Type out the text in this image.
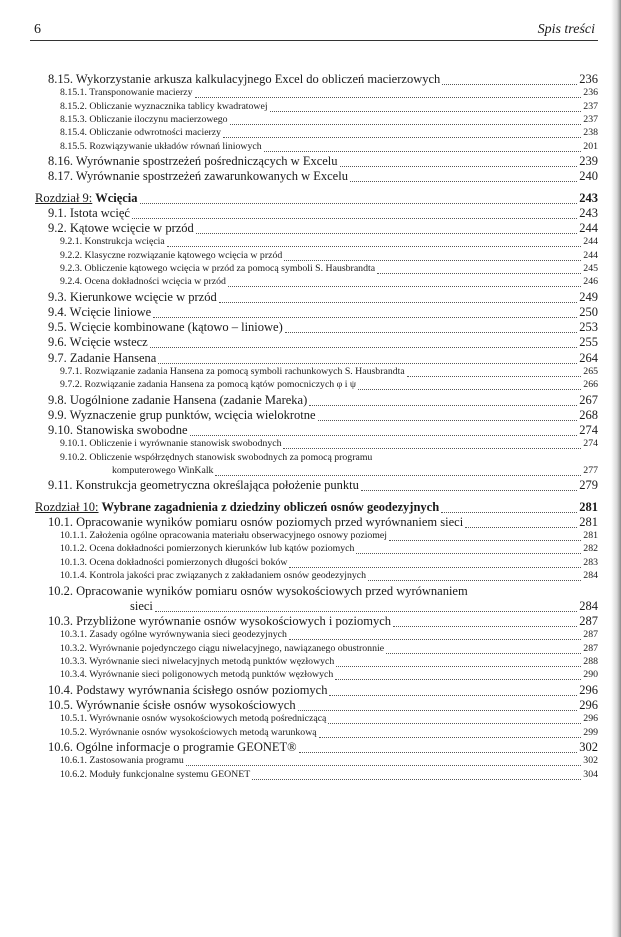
6	Spis treści
8.15. Wykorzystanie arkusza kalkulacyjnego Excel do obliczeń macierzowych	236
8.15.1. Transponowanie macierzy	236
8.15.2. Obliczanie wyznacznika tablicy kwadratowej	237
8.15.3. Obliczanie iloczynu macierzowego	237
8.15.4. Obliczanie odwrotności macierzy	238
8.15.5. Rozwiązywanie układów równań liniowych	201
8.16. Wyrównanie spostrzeżeń pośredniczących w Excelu	239
8.17. Wyrównanie spostrzeżeń zawarunkowanych w Excelu	240
Rozdział 9: Wcięcia	243
9.1. Istota wcięć	243
9.2. Kątowe wcięcie w przód	244
9.2.1. Konstrukcja wcięcia	244
9.2.2. Klasyczne rozwiązanie kątowego wcięcia w przód	244
9.2.3. Obliczenie kątowego wcięcia w przód za pomocą symboli S. Hausbrandta	245
9.2.4. Ocena dokładności wcięcia w przód	246
9.3. Kierunkowe wcięcie w przód	249
9.4. Wcięcie liniowe	250
9.5. Wcięcie kombinowane (kątowo – liniowe)	253
9.6. Wcięcie wstecz	255
9.7. Zadanie Hansena	264
9.7.1. Rozwiązanie zadania Hansena za pomocą symboli rachunkowych S. Hausbrandta	265
9.7.2. Rozwiązanie zadania Hansena za pomocą kątów pomocniczych φ i ψ	266
9.8. Uogólnione zadanie Hansena (zadanie Mareka)	267
9.9. Wyznaczenie grup punktów, wcięcia wielokrotne	268
9.10. Stanowiska swobodne	274
9.10.1. Obliczenie i wyrównanie stanowisk swobodnych	274
9.10.2. Obliczenie współrzędnych stanowisk swobodnych za pomocą programu
komputerowego WinKalk	277
9.11. Konstrukcja geometryczna określająca położenie punktu	279
Rozdział 10: Wybrane zagadnienia z dziedziny obliczeń osnów geodezyjnych	281
10.1. Opracowanie wyników pomiaru osnów poziomych przed wyrównaniem sieci	281
10.1.1. Założenia ogólne opracowania materiału obserwacyjnego osnowy poziomej	281
10.1.2. Ocena dokładności pomierzonych kierunków lub kątów poziomych	282
10.1.3. Ocena dokładności pomierzonych długości boków	283
10.1.4. Kontrola jakości prac związanych z zakładaniem osnów geodezyjnych	284
10.2. Opracowanie wyników pomiaru osnów wysokościowych przed wyrównaniem
sieci	284
10.3. Przybliżone wyrównanie osnów wysokościowych i poziomych	287
10.3.1. Zasady ogólne wyrównywania sieci geodezyjnych	287
10.3.2. Wyrównanie pojedynczego ciągu niwelacyjnego, nawiązanego obustronnie	287
10.3.3. Wyrównanie sieci niwelacyjnych metodą punktów węzłowych	288
10.3.4. Wyrównanie sieci poligonowych metodą punktów węzłowych	290
10.4. Podstawy wyrównania ścisłego osnów poziomych	296
10.5. Wyrównanie ścisłe osnów wysokościowych	296
10.5.1. Wyrównanie osnów wysokościowych metodą pośredniczącą	296
10.5.2. Wyrównanie osnów wysokościowych metodą warunkową	299
10.6. Ogólne informacje o programie GEONET®	302
10.6.1. Zastosowania programu	302
10.6.2. Moduły funkcjonalne systemu GEONET	304
